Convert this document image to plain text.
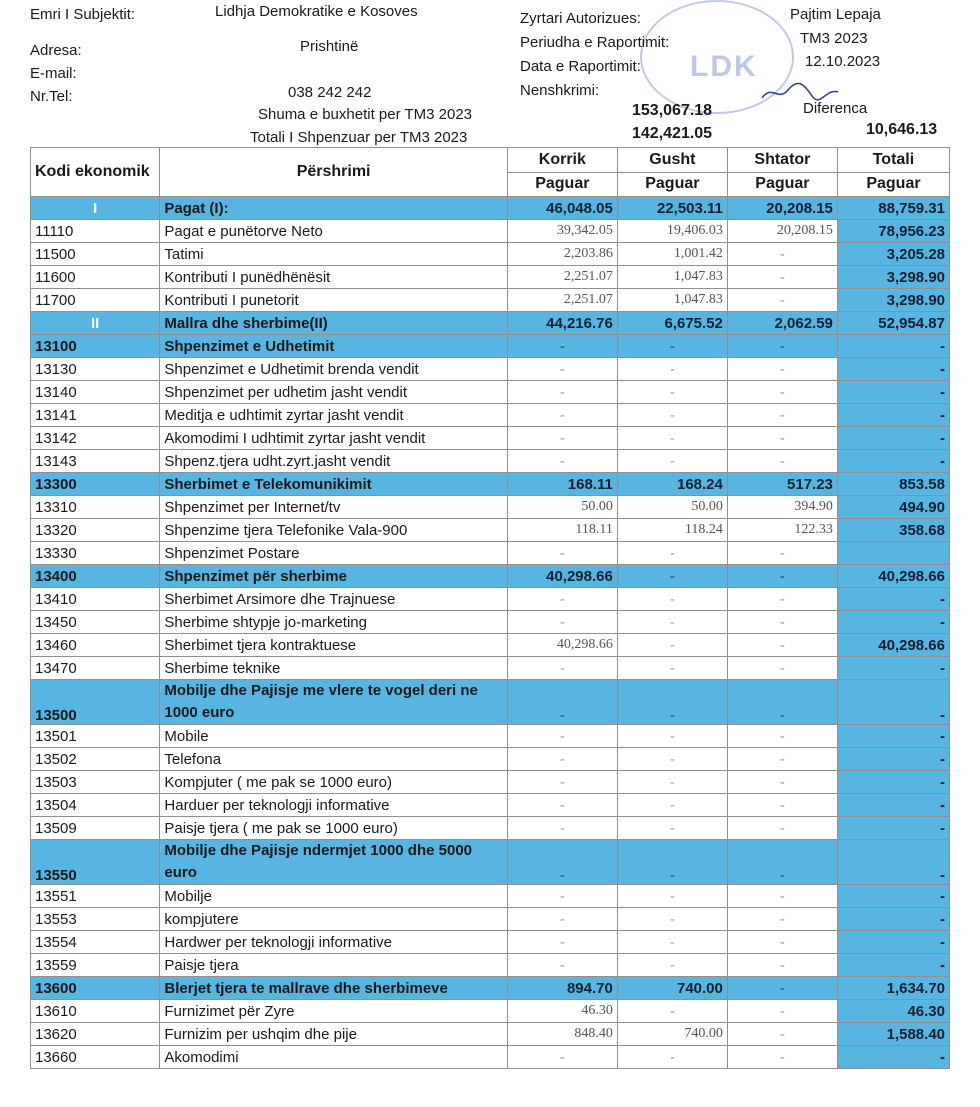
Emri I Subjektit:	Lidhja Demokratike e Kosoves
Adresa:	Prishtinë
E-mail:
Nr.Tel:	038 242 242
LDK
Zyrtari Autorizues:	Pajtim Lepaja
Periudha e Raportimit:	TM3 2023
Data e Raportimit:	12.10.2023
Nenshkrimi:
Shuma e buxhetit per TM3 2023	153,067.18	Diferenca
Totali I Shpenzuar per TM3 2023	142,421.05	10,646.13
Kodi ekonomik	Përshrimi	Korrik	Gusht	Shtator	Totali
		Paguar	Paguar	Paguar	Paguar
I	Pagat (I):	46,048.05	22,503.11	20,208.15	88,759.31
11110	Pagat e punëtorve Neto	39,342.05	19,406.03	20,208.15	78,956.23
11500	Tatimi	2,203.86	1,001.42	-	3,205.28
11600	Kontributi I punëdhënësit	2,251.07	1,047.83	-	3,298.90
11700	Kontributi I punetorit	2,251.07	1,047.83	-	3,298.90
II	Mallra dhe sherbime(II)	44,216.76	6,675.52	2,062.59	52,954.87
13100	Shpenzimet e Udhetimit	-	-	-	-
13130	Shpenzimet e Udhetimit brenda vendit	-	-	-	-
13140	Shpenzimet per udhetim jasht vendit	-	-	-	-
13141	Meditja e udhtimit zyrtar jasht vendit	-	-	-	-
13142	Akomodimi I udhtimit zyrtar jasht vendit	-	-	-	-
13143	Shpenz.tjera udht.zyrt.jasht vendit	-	-	-	-
13300	Sherbimet e Telekomunikimit	168.11	168.24	517.23	853.58
13310	Shpenzimet per Internet/tv	50.00	50.00	394.90	494.90
13320	Shpenzime tjera Telefonike Vala-900	118.11	118.24	122.33	358.68
13330	Shpenzimet Postare	-	-	-	
13400	Shpenzimet për sherbime	40,298.66	-	-	40,298.66
13410	Sherbimet Arsimore dhe Trajnuese	-	-	-	-
13450	Sherbime shtypje jo-marketing	-	-	-	-
13460	Sherbimet tjera kontraktuese	40,298.66	-	-	40,298.66
13470	Sherbime teknike	-	-	-	-
13500	Mobilje dhe Pajisje me vlere te vogel deri ne 1000 euro	-	-	-	-
13501	Mobile	-	-	-	-
13502	Telefona	-	-	-	-
13503	Kompjuter ( me pak se 1000 euro)	-	-	-	-
13504	Harduer per teknologji informative	-	-	-	-
13509	Paisje tjera ( me pak se 1000 euro)	-	-	-	-
13550	Mobilje dhe Pajisje ndermjet 1000 dhe 5000 euro	-	-	-	-
13551	Mobilje	-	-	-	-
13553	kompjutere	-	-	-	-
13554	Hardwer per teknologji informative	-	-	-	-
13559	Paisje tjera	-	-	-	-
13600	Blerjet tjera te mallrave dhe sherbimeve	894.70	740.00	-	1,634.70
13610	Furnizimet për Zyre	46.30	-	-	46.30
13620	Furnizim per ushqim dhe pije	848.40	740.00	-	1,588.40
13660	Akomodimi	-	-	-	-
